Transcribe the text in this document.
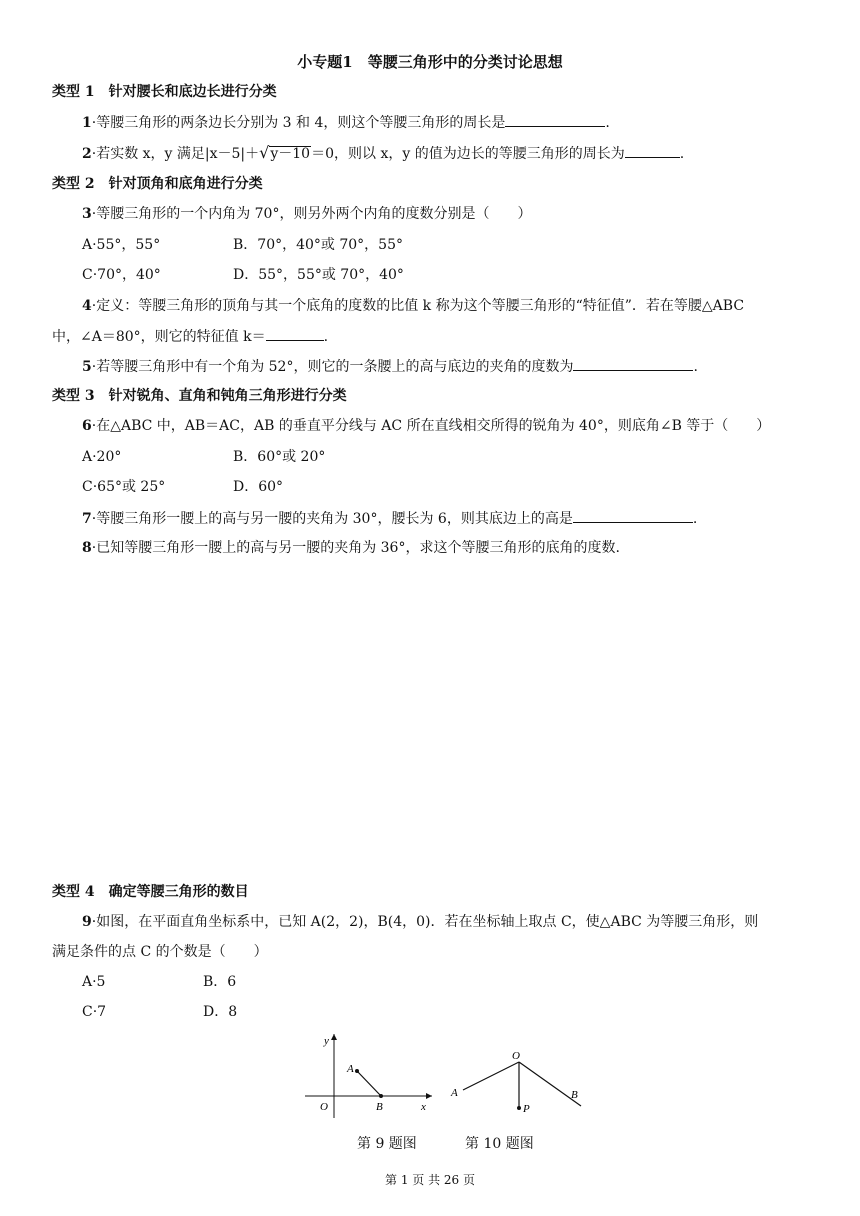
小专题1　等腰三角形中的分类讨论思想
类型 1　针对腰长和底边长进行分类
1·等腰三角形的两条边长分别为 3 和 4，则这个等腰三角形的周长是	.
2·若实数 x，y 满足|x－5|＋√y－10＝0，则以 x，y 的值为边长的等腰三角形的周长为	.
类型 2　针对顶角和底角进行分类
3·等腰三角形的一个内角为 70°，则另外两个内角的度数分别是（　　）
A·55°，55°	B．70°，40°或 70°，55°
C·70°，40°	D．55°，55°或 70°，40°
4·定义：等腰三角形的顶角与其一个底角的度数的比值 k 称为这个等腰三角形的“特征值”．若在等腰△ABC
中，∠A＝80°，则它的特征值 k＝	.
5·若等腰三角形中有一个角为 52°，则它的一条腰上的高与底边的夹角的度数为	.
类型 3　针对锐角、直角和钝角三角形进行分类
6·在△ABC 中，AB＝AC，AB 的垂直平分线与 AC 所在直线相交所得的锐角为 40°，则底角∠B 等于（　　）
A·20°	B．60°或 20°
C·65°或 25°	D．60°
7·等腰三角形一腰上的高与另一腰的夹角为 30°，腰长为 6，则其底边上的高是	.
8·已知等腰三角形一腰上的高与另一腰的夹角为 36°，求这个等腰三角形的底角的度数.
类型 4　确定等腰三角形的数目
9·如图，在平面直角坐标系中，已知 A(2，2)，B(4，0)．若在坐标轴上取点 C，使△ABC 为等腰三角形，则
满足条件的点 C 的个数是（　　）
A·5	B．6
C·7	D．8
y
x
O
A
B
O
A	B
P
第 9 题图	第 10 题图
第 1 页 共 26 页
